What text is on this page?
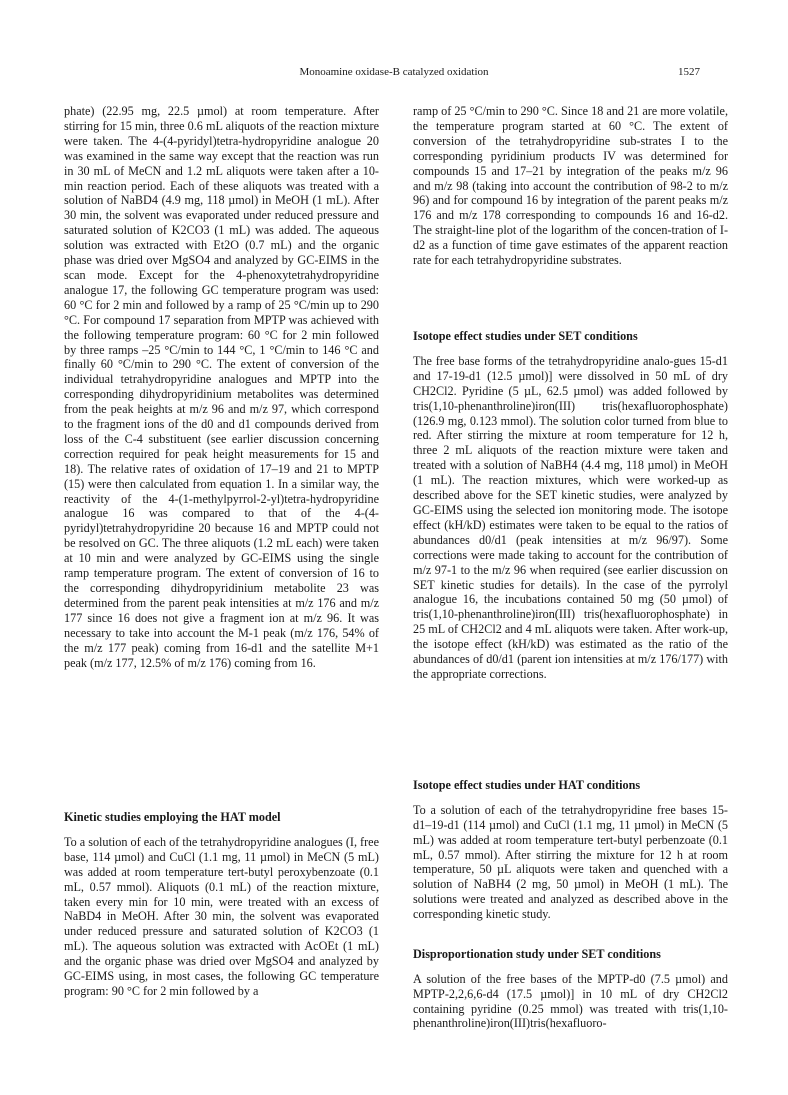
Monoamine oxidase-B catalyzed oxidation	1527

phate) (22.95 mg, 22.5 µmol) at room temperature. After stirring for 15 min, three 0.6 mL aliquots of the reaction mixture were taken. The 4-(4-pyridyl)tetra-hydropyridine analogue 20 was examined in the same way except that the reaction was run in 30 mL of MeCN and 1.2 mL aliquots were taken after a 10-min reaction period. Each of these aliquots was treated with a solution of NaBD4 (4.9 mg, 118 µmol) in MeOH (1 mL). After 30 min, the solvent was evaporated under reduced pressure and saturated solution of K2CO3 (1 mL) was added. The aqueous solution was extracted with Et2O (0.7 mL) and the organic phase was dried over MgSO4 and analyzed by GC-EIMS in the scan mode. Except for the 4-phenoxytetrahydropyridine analogue 17, the following GC temperature program was used: 60 °C for 2 min and followed by a ramp of 25 °C/min up to 290 °C. For compound 17 separation from MPTP was achieved with the following temperature program: 60 °C for 2 min followed by three ramps –25 °C/min to 144 °C, 1 °C/min to 146 °C and finally 60 °C/min to 290 °C. The extent of conversion of the individual tetrahydropyridine analogues and MPTP into the corresponding dihydropyridinium metabolites was determined from the peak heights at m/z 96 and m/z 97, which correspond to the fragment ions of the d0 and d1 compounds derived from loss of the C-4 substituent (see earlier discussion concerning correction required for peak height measurements for 15 and 18). The relative rates of oxidation of 17–19 and 21 to MPTP (15) were then calculated from equation 1. In a similar way, the reactivity of the 4-(1-methylpyrrol-2-yl)tetra-hydropyridine analogue 16 was compared to that of the 4-(4-pyridyl)tetrahydropyridine 20 because 16 and MPTP could not be resolved on GC. The three aliquots (1.2 mL each) were taken at 10 min and were analyzed by GC-EIMS using the single ramp temperature program. The extent of conversion of 16 to the corresponding dihydropyridinium metabolite 23 was determined from the parent peak intensities at m/z 176 and m/z 177 since 16 does not give a fragment ion at m/z 96. It was necessary to take into account the M-1 peak (m/z 176, 54% of the m/z 177 peak) coming from 16-d1 and the satellite M+1 peak (m/z 177, 12.5% of m/z 176) coming from 16.

Kinetic studies employing the HAT model

To a solution of each of the tetrahydropyridine analogues (I, free base, 114 µmol) and CuCl (1.1 mg, 11 µmol) in MeCN (5 mL) was added at room temperature tert-butyl peroxybenzoate (0.1 mL, 0.57 mmol). Aliquots (0.1 mL) of the reaction mixture, taken every min for 10 min, were treated with an excess of NaBD4 in MeOH. After 30 min, the solvent was evaporated under reduced pressure and saturated solution of K2CO3 (1 mL). The aqueous solution was extracted with AcOEt (1 mL) and the organic phase was dried over MgSO4 and analyzed by GC-EIMS using, in most cases, the following GC temperature program: 90 °C for 2 min followed by a

ramp of 25 °C/min to 290 °C. Since 18 and 21 are more volatile, the temperature program started at 60 °C. The extent of conversion of the tetrahydropyridine sub-strates I to the corresponding pyridinium products IV was determined for compounds 15 and 17–21 by integration of the peaks m/z 96 and m/z 98 (taking into account the contribution of 98-2 to m/z 96) and for compound 16 by integration of the parent peaks m/z 176 and m/z 178 corresponding to compounds 16 and 16-d2. The straight-line plot of the logarithm of the concen-tration of I-d2 as a function of time gave estimates of the apparent reaction rate for each tetrahydropyridine substrates.

Isotope effect studies under SET conditions

The free base forms of the tetrahydropyridine analo-gues 15-d1 and 17-19-d1 (12.5 µmol)] were dissolved in 50 mL of dry CH2Cl2. Pyridine (5 µL, 62.5 µmol) was added followed by tris(1,10-phenanthroline)iron(III) tris(hexafluorophosphate) (126.9 mg, 0.123 mmol). The solution color turned from blue to red. After stirring the mixture at room temperature for 12 h, three 2 mL aliquots of the reaction mixture were taken and treated with a solution of NaBH4 (4.4 mg, 118 µmol) in MeOH (1 mL). The reaction mixtures, which were worked-up as described above for the SET kinetic studies, were analyzed by GC-EIMS using the selected ion monitoring mode. The isotope effect (kH/kD) estimates were taken to be equal to the ratios of abundances d0/d1 (peak intensities at m/z 96/97). Some corrections were made taking to account for the contribution of m/z 97-1 to the m/z 96 when required (see earlier discussion on SET kinetic studies for details). In the case of the pyrrolyl analogue 16, the incubations contained 50 mg (50 µmol) of tris(1,10-phenanthroline)iron(III) tris(hexafluorophosphate) in 25 mL of CH2Cl2 and 4 mL aliquots were taken. After work-up, the isotope effect (kH/kD) was estimated as the ratio of the abundances of d0/d1 (parent ion intensities at m/z 176/177) with the appropriate corrections.

Isotope effect studies under HAT conditions

To a solution of each of the tetrahydropyridine free bases 15-d1–19-d1 (114 µmol) and CuCl (1.1 mg, 11 µmol) in MeCN (5 mL) was added at room temperature tert-butyl perbenzoate (0.1 mL, 0.57 mmol). After stirring the mixture for 12 h at room temperature, 50 µL aliquots were taken and quenched with a solution of NaBH4 (2 mg, 50 µmol) in MeOH (1 mL). The solutions were treated and analyzed as described above in the corresponding kinetic study.

Disproportionation study under SET conditions

A solution of the free bases of the MPTP-d0 (7.5 µmol) and MPTP-2,2,6,6-d4 (17.5 µmol)] in 10 mL of dry CH2Cl2 containing pyridine (0.25 mmol) was treated with tris(1,10-phenanthroline)iron(III)tris(hexafluoro-
